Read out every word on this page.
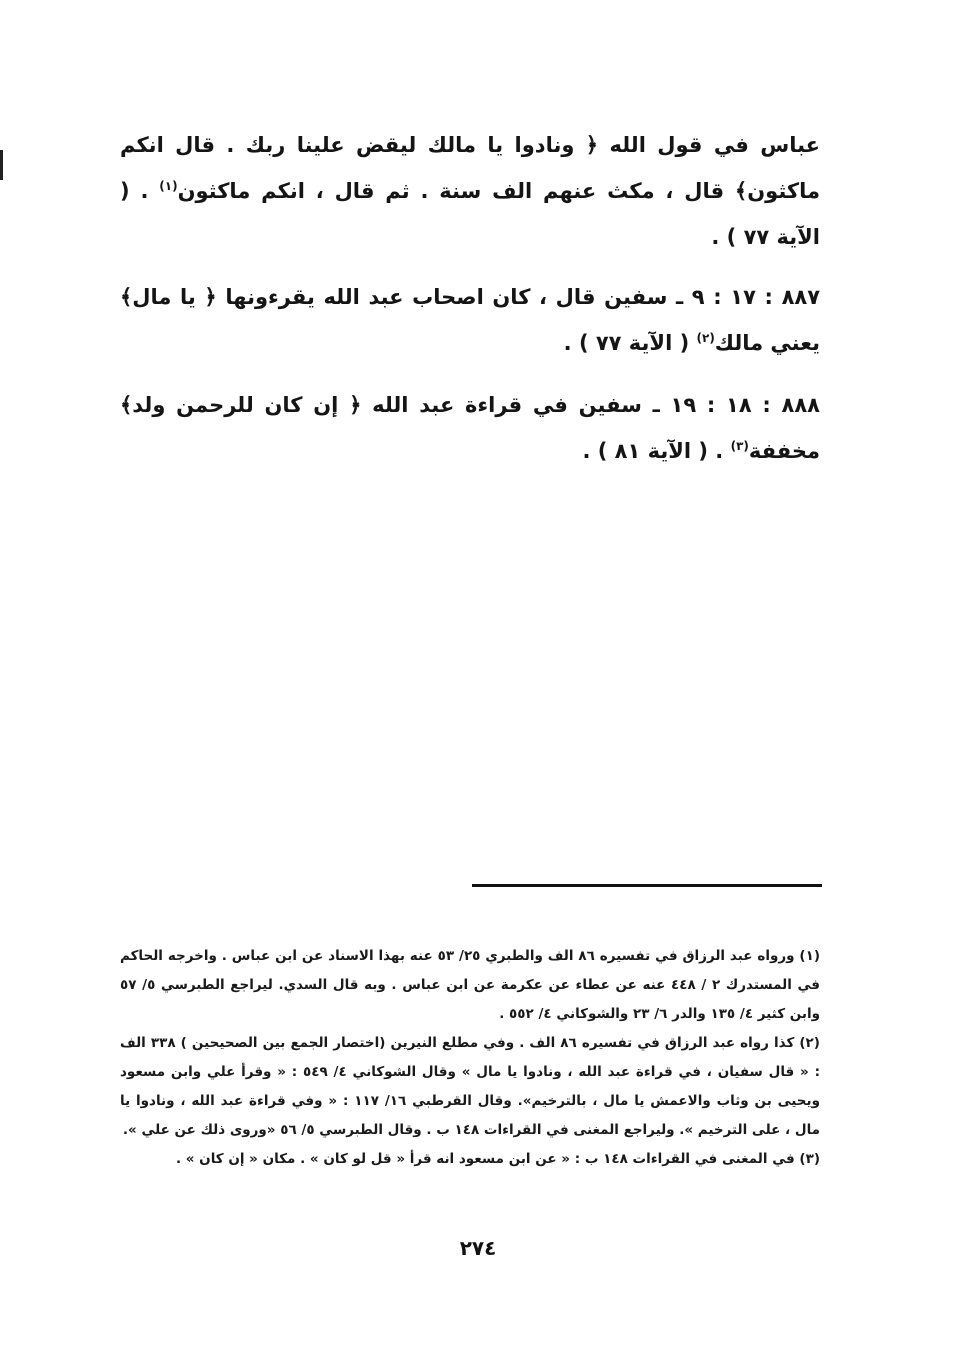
عباس في قول الله ﴿ ونادوا يا مالك ليقض علينا ربك . قال انكم ماكثون﴾ قال ، مكث عنهم الف سنة . ثم قال ، انكم ماكثون$^{(١)}$ . ( الآية ٧٧ ) .

٨٨٧ : ١٧ : ٩ ـ سفين قال ، كان اصحاب عبد الله يقرءونها ﴿ يا مال﴾ يعني مالك$^{(٢)}$ ( الآية ٧٧ ) .

٨٨٨ : ١٨ : ١٩ ـ سفين في قراءة عبد الله ﴿ إن كان للرحمن ولد﴾ مخففة$^{(٣)}$ . ( الآية ٨١ ) .

(١) ورواه عبد الرزاق في تفسيره ٨٦ الف والطبري ٢٥/ ٥٣ عنه بهذا الاسناد عن ابن عباس . واخرجه الحاكم في المستدرك ٢ / ٤٤٨ عنه عن عطاء عن عكرمة عن ابن عباس . وبه قال السدي. ليراجع الطبرسي ٥/ ٥٧ وابن كثير ٤/ ١٣٥ والدر ٦/ ٢٣ والشوكاني ٤/ ٥٥٢ .

(٢) كذا رواه عبد الرزاق في تفسيره ٨٦ الف . وفي مطلع النيرين (اختصار الجمع بين الصحيحين ) ٣٣٨ الف : « قال سفيان ، في قراءة عبد الله ، ونادوا يا مال » وقال الشوكاني ٤/ ٥٤٩ : « وقرأ علي وابن مسعود ويحيى بن وثاب والاعمش يا مال ، بالترخيم». وقال القرطبي ١٦/ ١١٧ : « وفي قراءة عبد الله ، ونادوا يا مال ، على الترخيم ». وليراجع المغنى في القراءات ١٤٨ ب . وقال الطبرسي ٥/ ٥٦ «وروى ذلك عن علي ».

(٣) في المغنى في القراءات ١٤٨ ب : « عن ابن مسعود انه قرأ « قل لو كان » . مكان « إن كان » .

٢٧٤
